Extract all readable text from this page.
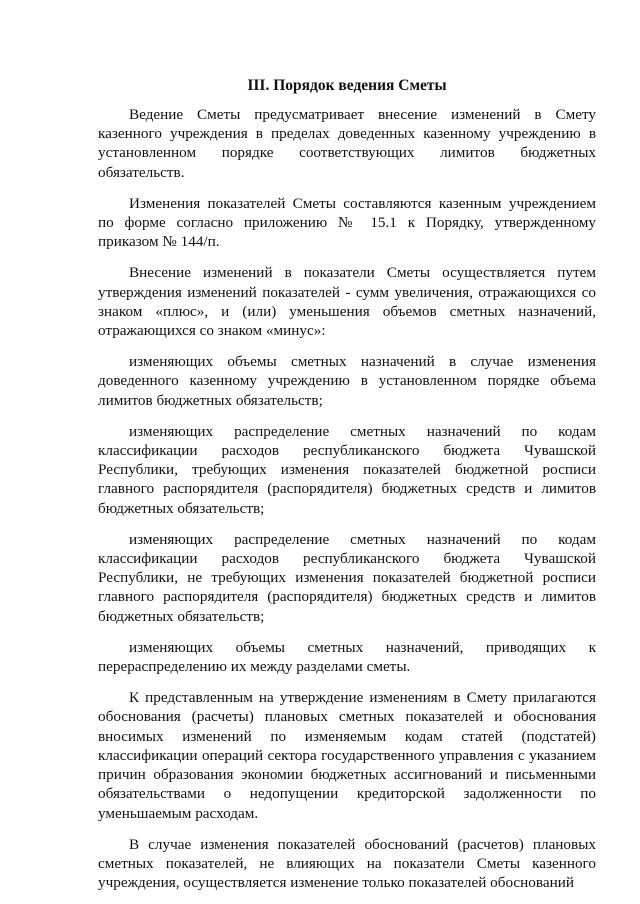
III. Порядок ведения Сметы

Ведение Сметы предусматривает внесение изменений в Смету казенного учреждения в пределах доведенных казенному учреждению в установленном порядке соответствующих лимитов бюджетных обязательств.

Изменения показателей Сметы составляются казенным учреждением по форме согласно приложению № 15.1 к Порядку, утвержденному приказом № 144/п.

Внесение изменений в показатели Сметы осуществляется путем утверждения изменений показателей - сумм увеличения, отражающихся со знаком «плюс», и (или) уменьшения объемов сметных назначений, отражающихся со знаком «минус»:

изменяющих объемы сметных назначений в случае изменения доведенного казенному учреждению в установленном порядке объема лимитов бюджетных обязательств;

изменяющих распределение сметных назначений по кодам классификации расходов республиканского бюджета Чувашской Республики, требующих изменения показателей бюджетной росписи главного распорядителя (распорядителя) бюджетных средств и лимитов бюджетных обязательств;

изменяющих распределение сметных назначений по кодам классификации расходов республиканского бюджета Чувашской Республики, не требующих изменения показателей бюджетной росписи главного распорядителя (распорядителя) бюджетных средств и лимитов бюджетных обязательств;

изменяющих объемы сметных назначений, приводящих к перераспределению их между разделами сметы.

К представленным на утверждение изменениям в Смету прилагаются обоснования (расчеты) плановых сметных показателей и обоснования вносимых изменений по изменяемым кодам статей (подстатей) классификации операций сектора государственного управления с указанием причин образования экономии бюджетных ассигнований и письменными обязательствами о недопущении кредиторской задолженности по уменьшаемым расходам.

В случае изменения показателей обоснований (расчетов) плановых сметных показателей, не влияющих на показатели Сметы казенного учреждения, осуществляется изменение только показателей обоснований
